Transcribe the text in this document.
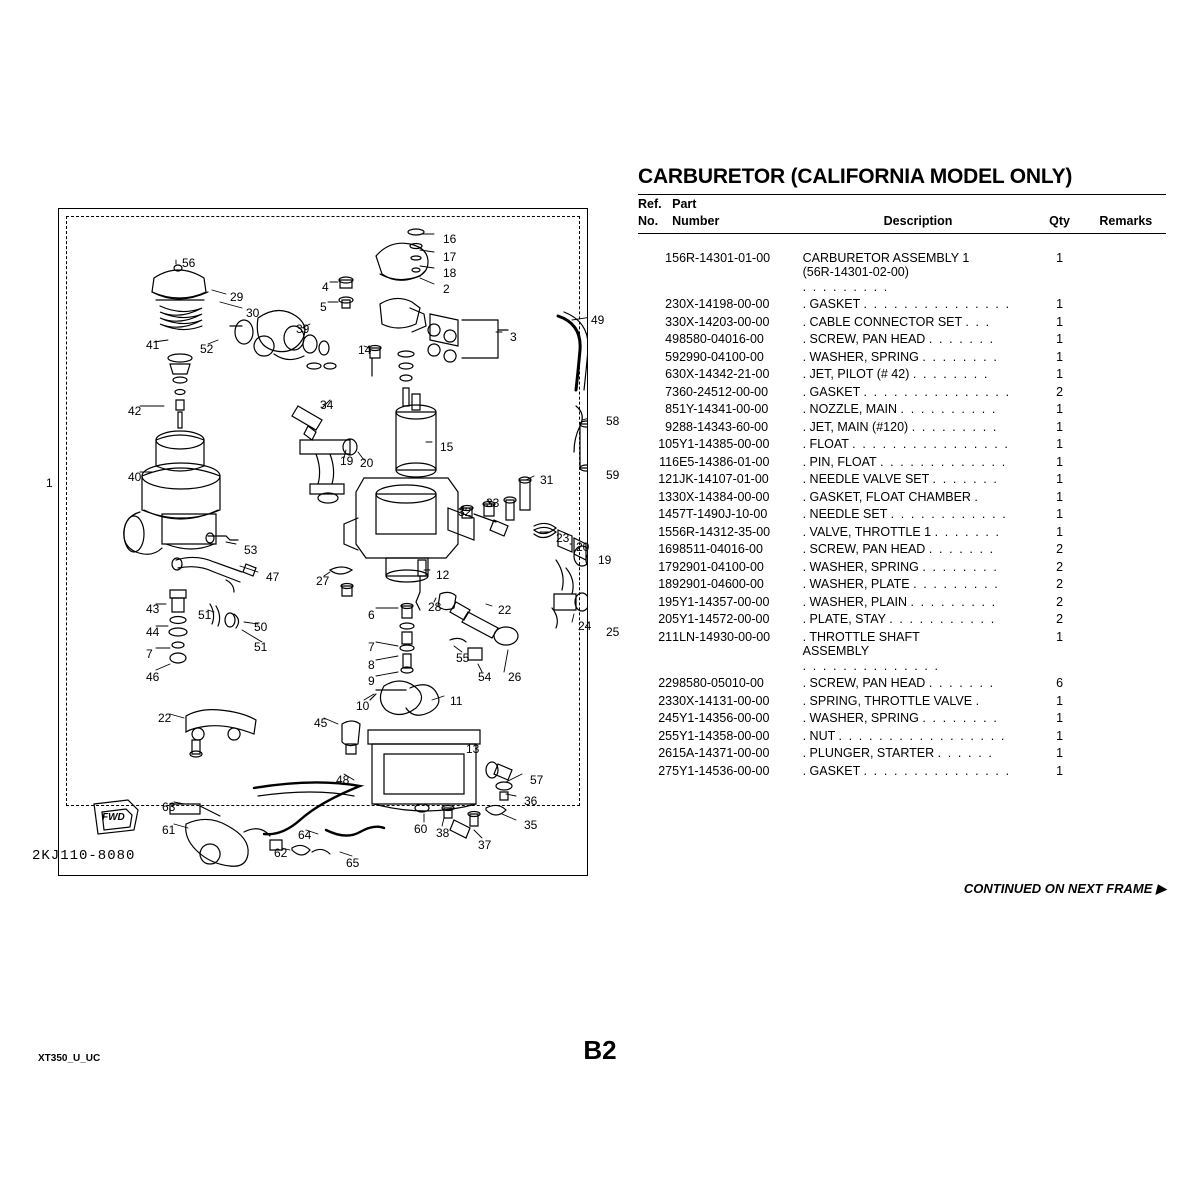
56
16
17
18
2
29
4
30	5
49
39
3
41	52	14
42
58
34
15
19 20
59
40	31
32
33
53
23
20
19
47	27	12
43	51	6
28	22
44	50	24 25
51
7	7
8
9
55
54 26
46
10	11
22	45
13
48	57
36
63
35
61	64	60 38
37
62
65
1
FWD
2KJ110-8080
CARBURETOR (CALIFORNIA MODEL ONLY)
Ref.	Part			
No.	Number	Description	Qty	Remarks

1	56R-14301-01-00	CARBURETOR ASSEMBLY 1
(56R-14301-02-00)
. . . . . . . . .	1	
2	30X-14198-00-00	. GASKET . . . . . . . . . . . . . . .	1	
3	30X-14203-00-00	. CABLE CONNECTOR SET . . .	1	
4	98580-04016-00	. SCREW, PAN HEAD . . . . . . .	1	
5	92990-04100-00	. WASHER, SPRING . . . . . . . .	1	
6	30X-14342-21-00	. JET, PILOT (# 42) . . . . . . . .	1	
7	360-24512-00-00	. GASKET . . . . . . . . . . . . . . .	2	
8	51Y-14341-00-00	. NOZZLE, MAIN . . . . . . . . . .	1	
9	288-14343-60-00	. JET, MAIN (#120) . . . . . . . . .	1	
10	5Y1-14385-00-00	. FLOAT . . . . . . . . . . . . . . . .	1	
11	6E5-14386-01-00	. PIN, FLOAT . . . . . . . . . . . . .	1	
12	1JK-14107-01-00	. NEEDLE VALVE SET . . . . . . .	1	
13	30X-14384-00-00	. GASKET, FLOAT CHAMBER .	1	
14	57T-1490J-10-00	. NEEDLE SET . . . . . . . . . . . .	1	
15	56R-14312-35-00	. VALVE, THROTTLE 1 . . . . . . .	1	
16	98511-04016-00	. SCREW, PAN HEAD . . . . . . .	2	
17	92901-04100-00	. WASHER, SPRING . . . . . . . .	2	
18	92901-04600-00	. WASHER, PLATE . . . . . . . . .	2	
19	5Y1-14357-00-00	. WASHER, PLAIN . . . . . . . . .	2	
20	5Y1-14572-00-00	. PLATE, STAY . . . . . . . . . . .	2	
21	1LN-14930-00-00	. THROTTLE SHAFT
ASSEMBLY
. . . . . . . . . . . . . .	1	
22	98580-05010-00	. SCREW, PAN HEAD . . . . . . .	6	
23	30X-14131-00-00	. SPRING, THROTTLE VALVE .	1	
24	5Y1-14356-00-00	. WASHER, SPRING . . . . . . . .	1	
25	5Y1-14358-00-00	. NUT . . . . . . . . . . . . . . . . .	1	
26	15A-14371-00-00	. PLUNGER, STARTER . . . . . .	1	
27	5Y1-14536-00-00	. GASKET . . . . . . . . . . . . . . .	1	
CONTINUED ON NEXT FRAME ▶
XT350_U_UC	B2
